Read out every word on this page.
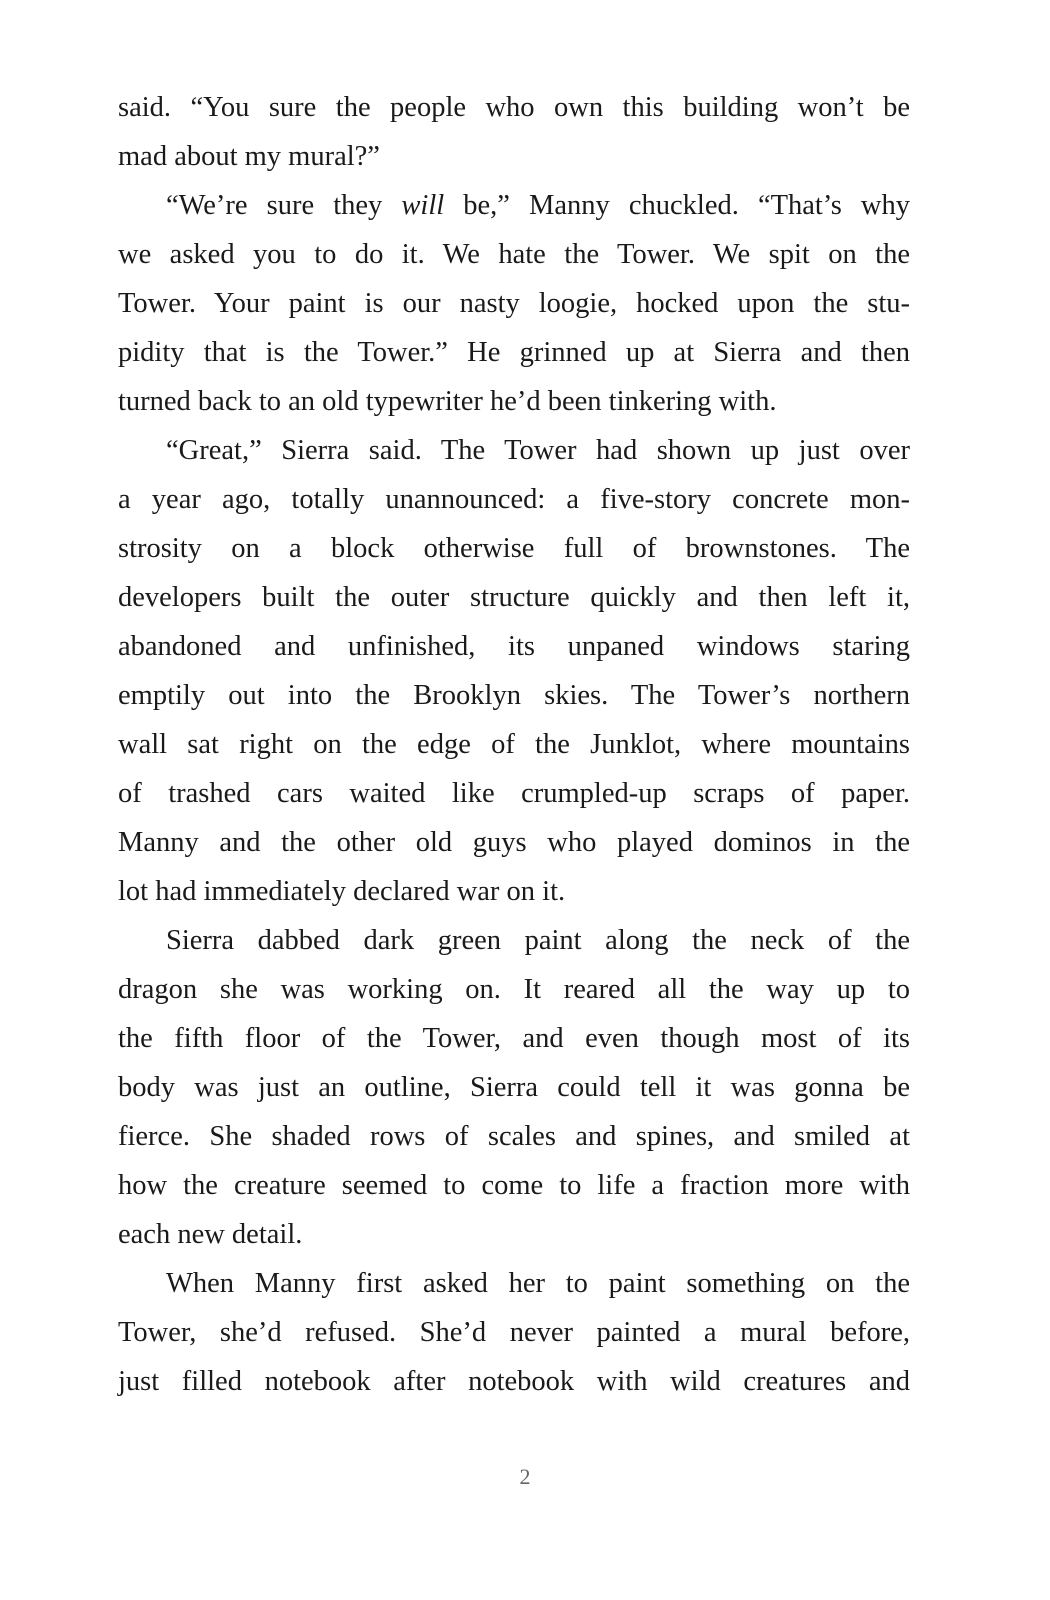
said. “You sure the people who own this building won’t be
mad about my mural?”
“We’re sure they will be,” Manny chuckled. “That’s why
we asked you to do it. We hate the Tower. We spit on the
Tower. Your paint is our nasty loogie, hocked upon the stu-
pidity that is the Tower.” He grinned up at Sierra and then
turned back to an old typewriter he’d been tinkering with.
“Great,” Sierra said. The Tower had shown up just over
a year ago, totally unannounced: a five-story concrete mon-
strosity on a block otherwise full of brownstones. The
developers built the outer structure quickly and then left it,
abandoned and unfinished, its unpaned windows staring
emptily out into the Brooklyn skies. The Tower’s northern
wall sat right on the edge of the Junklot, where mountains
of trashed cars waited like crumpled-up scraps of paper.
Manny and the other old guys who played dominos in the
lot had immediately declared war on it.
Sierra dabbed dark green paint along the neck of the
dragon she was working on. It reared all the way up to
the fifth floor of the Tower, and even though most of its
body was just an outline, Sierra could tell it was gonna be
fierce. She shaded rows of scales and spines, and smiled at
how the creature seemed to come to life a fraction more with
each new detail.
When Manny first asked her to paint something on the
Tower, she’d refused. She’d never painted a mural before,
just filled notebook after notebook with wild creatures and
2
